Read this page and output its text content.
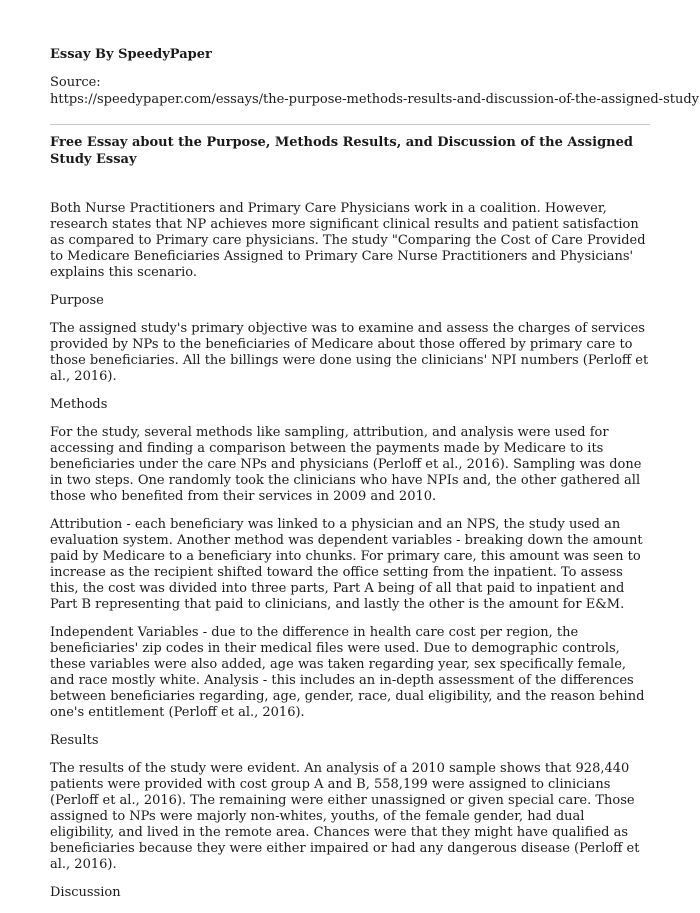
Essay By SpeedyPaper
Source:
https://speedypaper.com/essays/the-purpose-methods-results-and-discussion-of-the-assigned-study
Free Essay about the Purpose, Methods Results, and Discussion of the Assigned Study Essay

Both Nurse Practitioners and Primary Care Physicians work in a coalition. However, research states that NP achieves more significant clinical results and patient satisfaction as compared to Primary care physicians. The study "Comparing the Cost of Care Provided to Medicare Beneficiaries Assigned to Primary Care Nurse Practitioners and Physicians' explains this scenario.

Purpose

The assigned study's primary objective was to examine and assess the charges of services provided by NPs to the beneficiaries of Medicare about those offered by primary care to those beneficiaries. All the billings were done using the clinicians' NPI numbers (Perloff et al., 2016).

Methods

For the study, several methods like sampling, attribution, and analysis were used for accessing and finding a comparison between the payments made by Medicare to its beneficiaries under the care NPs and physicians (Perloff et al., 2016). Sampling was done in two steps. One randomly took the clinicians who have NPIs and, the other gathered all those who benefited from their services in 2009 and 2010.

Attribution - each beneficiary was linked to a physician and an NPS, the study used an evaluation system. Another method was dependent variables - breaking down the amount paid by Medicare to a beneficiary into chunks. For primary care, this amount was seen to increase as the recipient shifted toward the office setting from the inpatient. To assess this, the cost was divided into three parts, Part A being of all that paid to inpatient and Part B representing that paid to clinicians, and lastly the other is the amount for E&M.

Independent Variables - due to the difference in health care cost per region, the beneficiaries' zip codes in their medical files were used. Due to demographic controls, these variables were also added, age was taken regarding year, sex specifically female, and race mostly white. Analysis - this includes an in-depth assessment of the differences between beneficiaries regarding, age, gender, race, dual eligibility, and the reason behind one's entitlement (Perloff et al., 2016).

Results

The results of the study were evident. An analysis of a 2010 sample shows that 928,440 patients were provided with cost group A and B, 558,199 were assigned to clinicians (Perloff et al., 2016). The remaining were either unassigned or given special care. Those assigned to NPs were majorly non-whites, youths, of the female gender, had dual eligibility, and lived in the remote area. Chances were that they might have qualified as beneficiaries because they were either impaired or had any dangerous disease (Perloff et al., 2016).

Discussion
